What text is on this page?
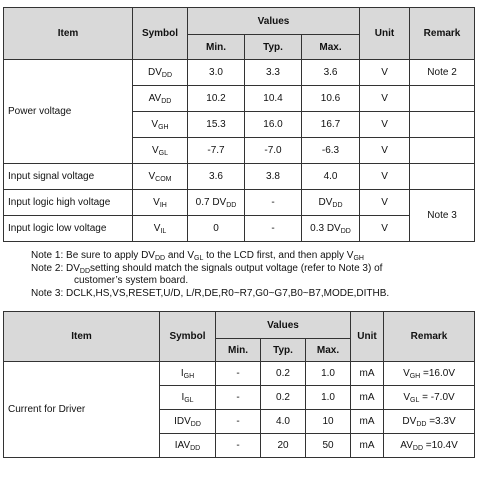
Item	Symbol	Values			Unit	Remark
		Min.	Typ.	Max.		
Power voltage	$DV_{DD}$	3.0	3.3	3.6	V	Note 2
	$AV_{DD}$	10.2	10.4	10.6	V	
	$V_{GH}$	15.3	16.0	16.7	V	
	$V_{GL}$	-7.7	-7.0	-6.3	V	
Input signal voltage	$V_{COM}$	3.6	3.8	4.0	V	
Input logic high voltage	$V_{IH}$	0.7 $DV_{DD}$	-	$DV_{DD}$	V	Note 3
Input logic low voltage	$V_{IL}$	0	-	0.3 $DV_{DD}$	V	
Note 1: Be sure to apply $DV_{DD}$ and $V_{GL}$ to the LCD first, and then apply $V_{GH}$
Note 2: $DV_{DD}setting$ should match the signals output voltage (refer to Note 3) of
customer’s system board.
Note 3: DCLK,HS,VS,RESET,U/D, L/R,DE,R0~R7,G0~G7,B0~B7,MODE,DITHB.
Item	Symbol	Values			Unit	Remark
		Min.	Typ.	Max.		
Current for Driver	$I_{GH}$	-	0.2	1.0	mA	$V_{GH} =16.0V$
	$I_{GL}$	-	0.2	1.0	mA	$V_{GL} = -7.0V$
	$IDV_{DD}$	-	4.0	10	mA	$DV_{DD} =3.3V$
	$IAV_{DD}$	-	20	50	mA	$AV_{DD} =10.4V$
